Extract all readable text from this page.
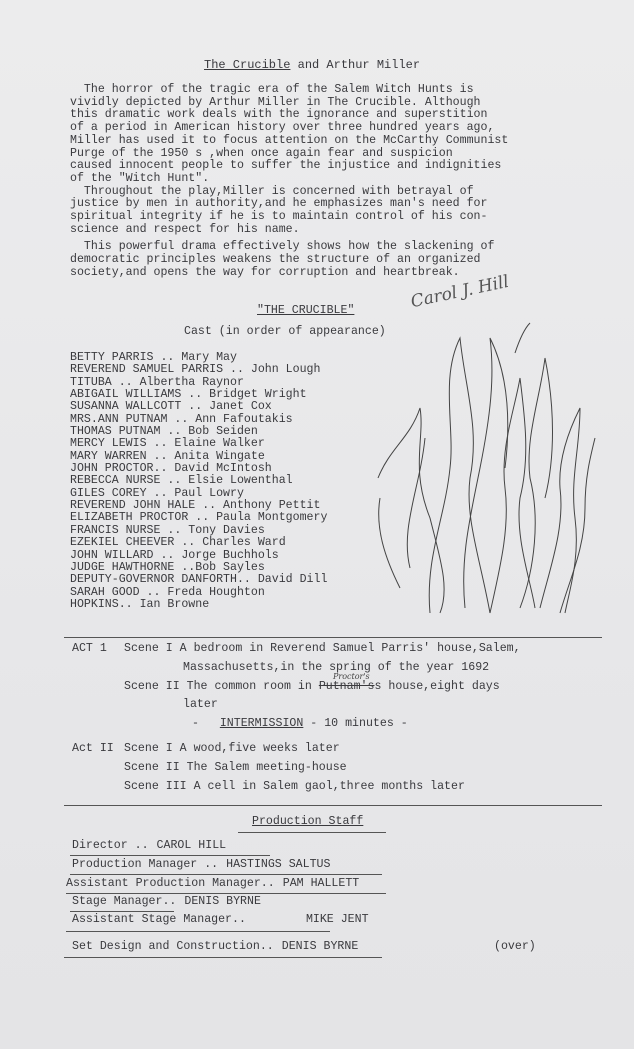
The Crucible and Arthur Miller

The horror of the tragic era of the Salem Witch Hunts is
vividly depicted by Arthur Miller in The Crucible. Although
this dramatic work deals with the ignorance and superstition
of a period in American history over three hundred years ago,
Miller has used it to focus attention on the McCarthy Communist
Purge of the 1950 s ,when once again fear and suspicion
caused innocent people to suffer the injustice and indignities
of the "Witch Hunt".
Throughout the play,Miller is concerned with betrayal of
justice by men in authority,and he emphasizes man's need for
spiritual integrity if he is to maintain control of his con-
science and respect for his name.

This powerful drama effectively shows how the slackening of
democratic principles weakens the structure of an organized
society,and opens the way for corruption and heartbreak.

Carol J. Hill
"THE CRUCIBLE"
Cast (in order of appearance)
BETTY PARRIS .. Mary May
REVEREND SAMUEL PARRIS .. John Lough
TITUBA .. Albertha Raynor
ABIGAIL WILLIAMS .. Bridget Wright
SUSANNA WALLCOTT .. Janet Cox
MRS.ANN PUTNAM .. Ann Fafoutakis
THOMAS PUTNAM .. Bob Seiden
MERCY LEWIS .. Elaine Walker
MARY WARREN .. Anita Wingate
JOHN PROCTOR.. David McIntosh
REBECCA NURSE .. Elsie Lowenthal
GILES COREY .. Paul Lowry
REVEREND JOHN HALE .. Anthony Pettit
ELIZABETH PROCTOR .. Paula Montgomery
FRANCIS NURSE .. Tony Davies
EZEKIEL CHEEVER .. Charles Ward
JOHN WILLARD .. Jorge Buchhols
JUDGE HAWTHORNE ..Bob Sayles
DEPUTY-GOVERNOR DANFORTH.. David Dill
SARAH GOOD .. Freda Houghton
HOPKINS.. Ian Browne
ACT 1 Scene I A bedroom in Reverend Samuel Parris' house,Salem,
Massachusetts,in the spring of the year 1692
Proctor's
Scene II The common room in Putnam'ss house,eight days
later
- INTERMISSION - 10 minutes -
Act II Scene I A wood,five weeks later
Scene II The Salem meeting-house
Scene III A cell in Salem gaol,three months later
Production Staff
Director .. CAROL HILL
Production Manager .. HASTINGS SALTUS
Assistant Production Manager.. PAM HALLETT
Stage Manager.. DENIS BYRNE
Assistant Stage Manager..	MIKE JENT
Set Design and Construction.. DENIS BYRNE	(over)
